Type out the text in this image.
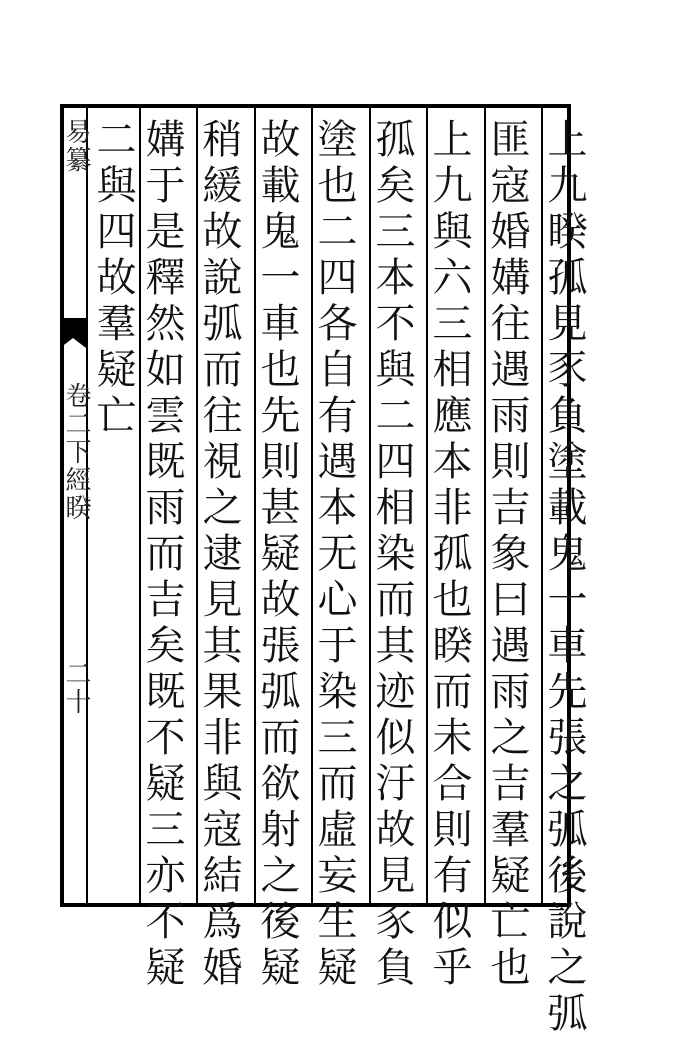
易纂
卷二下經睽
二十	上九睽孤見豕負塗載鬼一車先張之弧後說之弧
匪寇婚媾往遇雨則吉象曰遇雨之吉羣疑亡也
上九與六三相應本非孤也睽而未合則有似乎
孤矣三本不與二四相染而其迹似汙故見豕負
塗也二四各自有遇本无心于染三而虛妄生疑
故載鬼一車也先則甚疑故張弧而欲射之後疑
稍緩故說弧而往視之逮見其果非與寇結爲婚
媾于是釋然如雲既雨而吉矣既不疑三亦不疑
二與四故羣疑亡
